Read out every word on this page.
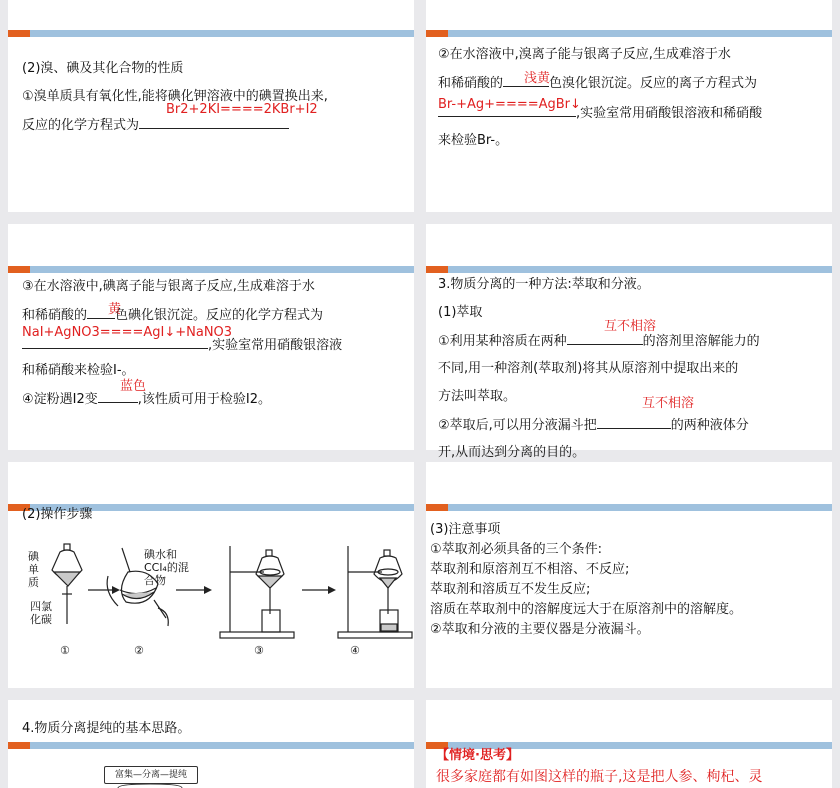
(2)溴、碘及其化合物的性质
①溴单质具有氧化性,能将碘化钾溶液中的碘置换出来,
反应的化学方程式为
Br2+2KI====2KBr+I2
②在水溶液中,溴离子能与银离子反应,生成难溶于水
和稀硝酸的	色溴化银沉淀。反应的离子方程式为
浅黄
Br-+Ag+====AgBr↓
,实验室常用硝酸银溶液和稀硝酸
来检验Br-。
③在水溶液中,碘离子能与银离子反应,生成难溶于水
和稀硝酸的 色碘化银沉淀。反应的化学方程式为
黄
NaI+AgNO3====AgI↓+NaNO3
,实验室常用硝酸银溶液
和稀硝酸来检验I-。
④淀粉遇I2变	,该性质可用于检验I2。
蓝色
3.物质分离的一种方法:萃取和分液。
(1)萃取
①利用某种溶质在两种	的溶剂里溶解能力的
互不相溶
不同,用一种溶剂(萃取剂)将其从原溶剂中提取出来的
方法叫萃取。	互不相溶
②萃取后,可以用分液漏斗把	的两种液体分
开,从而达到分离的目的。
(2)操作步骤
碘单质
四氯化碳
碘水和CCl₄的混合物
①	②	③	④
(3)注意事项
①萃取剂必须具备的三个条件:
萃取剂和原溶剂互不相溶、不反应;
萃取剂和溶质互不发生反应;
溶质在萃取剂中的溶解度远大于在原溶剂中的溶解度。
②萃取和分液的主要仪器是分液漏斗。
4.物质分离提纯的基本思路。
富集—分离—提纯
【情境·思考】
很多家庭都有如图这样的瓶子,这是把人参、枸杞、灵
